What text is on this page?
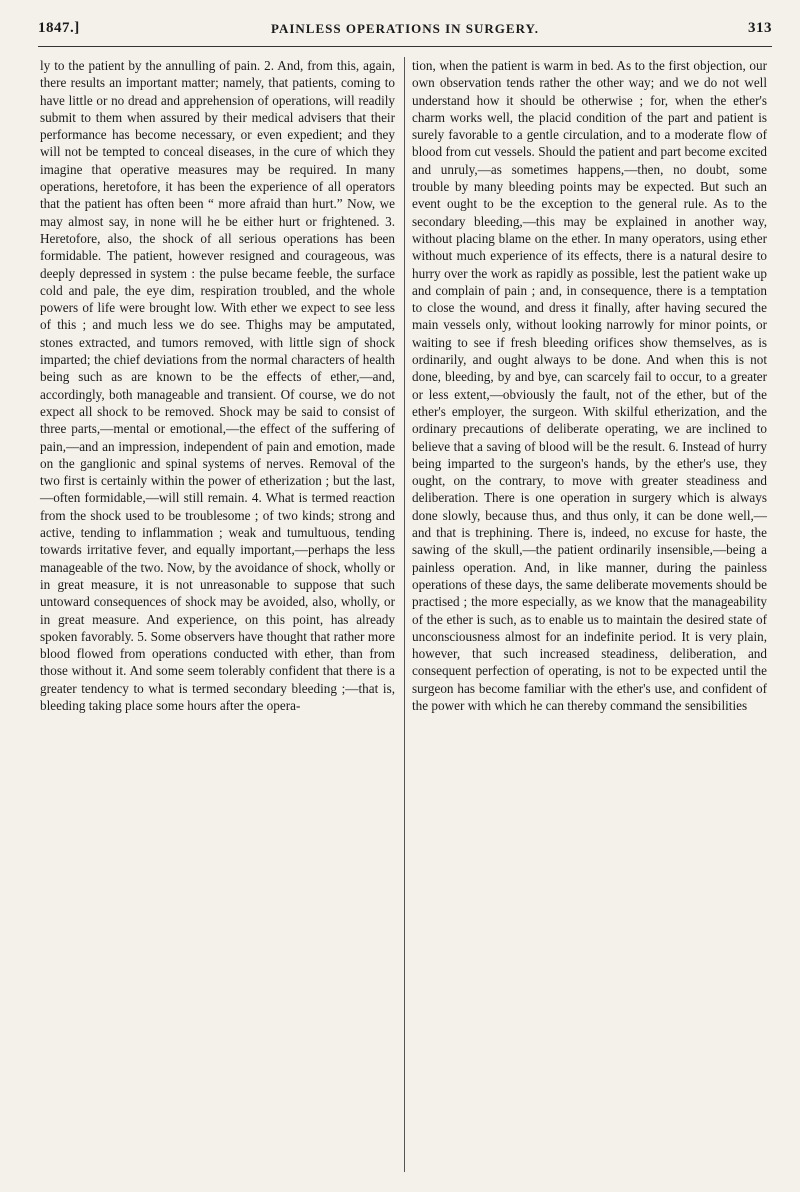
1847.]	PAINLESS OPERATIONS IN SURGERY.	313

ly to the patient by the annulling of pain. 2. And, from this, again, there results an important matter; namely, that patients, coming to have little or no dread and apprehension of operations, will readily submit to them when assured by their medical advisers that their performance has become necessary, or even expedient; and they will not be tempted to conceal diseases, in the cure of which they imagine that operative measures may be required. In many operations, heretofore, it has been the experience of all operators that the patient has often been “ more afraid than hurt.” Now, we may almost say, in none will he be either hurt or frightened. 3. Heretofore, also, the shock of all serious operations has been formidable. The patient, however resigned and courageous, was deeply depressed in system : the pulse became feeble, the surface cold and pale, the eye dim, respiration troubled, and the whole powers of life were brought low. With ether we expect to see less of this ; and much less we do see. Thighs may be amputated, stones extracted, and tumors removed, with little sign of shock imparted; the chief deviations from the normal characters of health being such as are known to be the effects of ether,—and, accordingly, both manageable and transient. Of course, we do not expect all shock to be removed. Shock may be said to consist of three parts,—mental or emotional,—the effect of the suffering of pain,—and an impression, independent of pain and emotion, made on the ganglionic and spinal systems of nerves. Removal of the two first is certainly within the power of etherization ; but the last,—often formidable,—will still remain. 4. What is termed reaction from the shock used to be troublesome ; of two kinds; strong and active, tending to inflammation ; weak and tumultuous, tending towards irritative fever, and equally important,—perhaps the less manageable of the two. Now, by the avoidance of shock, wholly or in great measure, it is not unreasonable to suppose that such untoward consequences of shock may be avoided, also, wholly, or in great measure. And experience, on this point, has already spoken favorably. 5. Some observers have thought that rather more blood flowed from operations conducted with ether, than from those without it. And some seem tolerably confident that there is a greater tendency to what is termed secondary bleeding ;—that is, bleeding taking place some hours after the opera-

tion, when the patient is warm in bed. As to the first objection, our own observation tends rather the other way; and we do not well understand how it should be otherwise ; for, when the ether's charm works well, the placid condition of the part and patient is surely favorable to a gentle circulation, and to a moderate flow of blood from cut vessels. Should the patient and part become excited and unruly,—as sometimes happens,—then, no doubt, some trouble by many bleeding points may be expected. But such an event ought to be the exception to the general rule. As to the secondary bleeding,—this may be explained in another way, without placing blame on the ether. In many operators, using ether without much experience of its effects, there is a natural desire to hurry over the work as rapidly as possible, lest the patient wake up and complain of pain ; and, in consequence, there is a temptation to close the wound, and dress it finally, after having secured the main vessels only, without looking narrowly for minor points, or waiting to see if fresh bleeding orifices show themselves, as is ordinarily, and ought always to be done. And when this is not done, bleeding, by and bye, can scarcely fail to occur, to a greater or less extent,—obviously the fault, not of the ether, but of the ether's employer, the surgeon. With skilful etherization, and the ordinary precautions of deliberate operating, we are inclined to believe that a saving of blood will be the result. 6. Instead of hurry being imparted to the surgeon's hands, by the ether's use, they ought, on the contrary, to move with greater steadiness and deliberation. There is one operation in surgery which is always done slowly, because thus, and thus only, it can be done well,—and that is trephining. There is, indeed, no excuse for haste, the sawing of the skull,—the patient ordinarily insensible,—being a painless operation. And, in like manner, during the painless operations of these days, the same deliberate movements should be practised ; the more especially, as we know that the manageability of the ether is such, as to enable us to maintain the desired state of unconsciousness almost for an indefinite period. It is very plain, however, that such increased steadiness, deliberation, and consequent perfection of operating, is not to be expected until the surgeon has become familiar with the ether's use, and confident of the power with which he can thereby command the sensibilities
